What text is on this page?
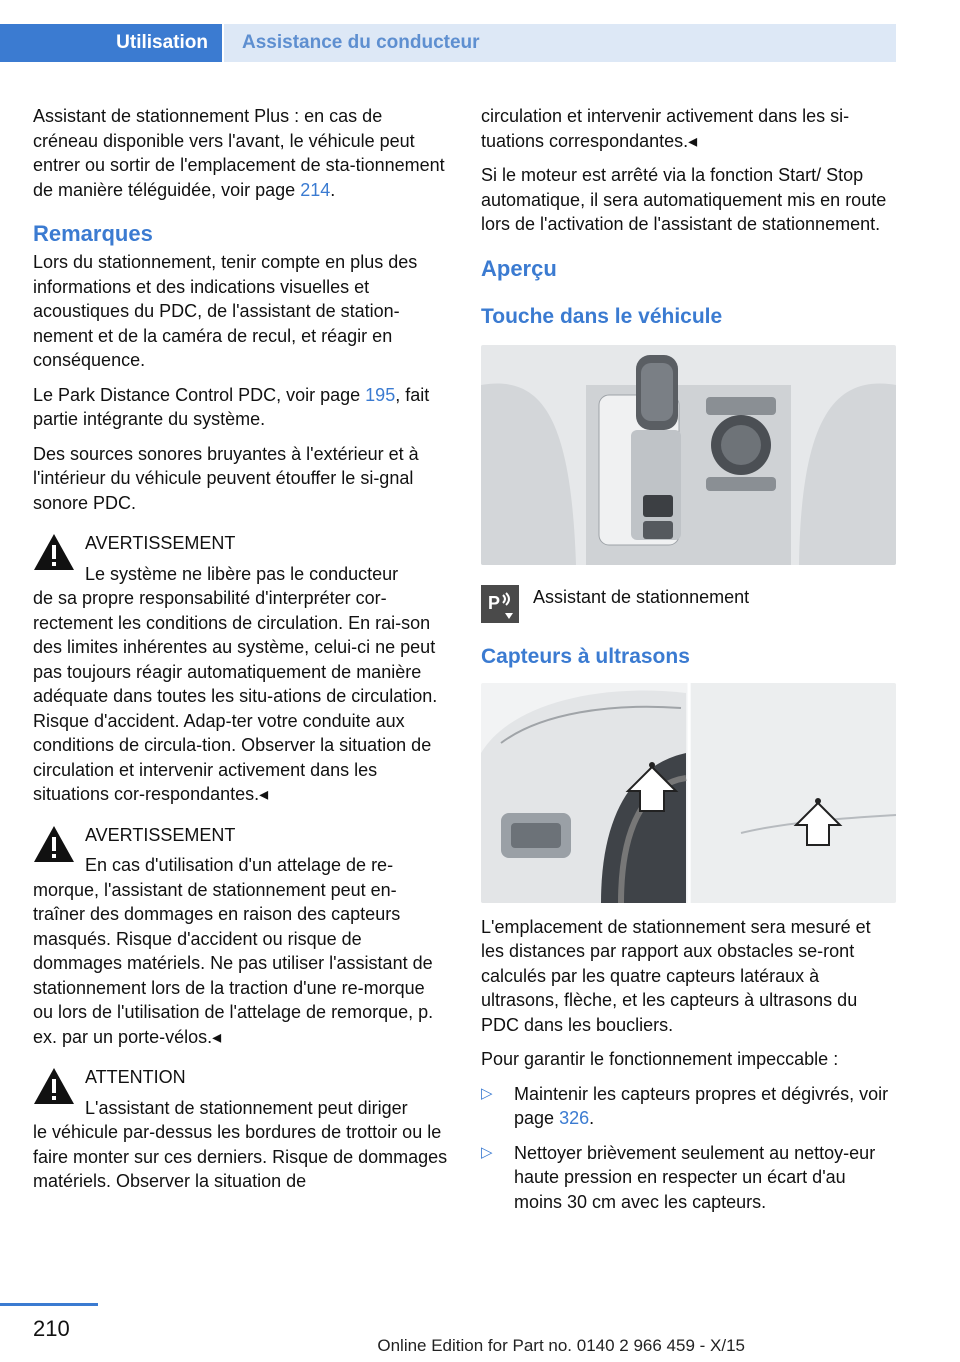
Utilisation Assistance du conducteur

Assistant de stationnement Plus : en cas de créneau disponible vers l'avant, le véhicule peut entrer ou sortir de l'emplacement de sta-tionnement de manière téléguidée, voir page 214.

Remarques

Lors du stationnement, tenir compte en plus des informations et des indications visuelles et acoustiques du PDC, de l'assistant de station-nement et de la caméra de recul, et réagir en conséquence.

Le Park Distance Control PDC, voir page 195, fait partie intégrante du système.

Des sources sonores bruyantes à l'extérieur et à l'intérieur du véhicule peuvent étouffer le si-gnal sonore PDC.

AVERTISSEMENT

Le système ne libère pas le conducteur
de sa propre responsabilité d'interpréter cor-rectement les conditions de circulation. En rai-son des limites inhérentes au système, celui-ci ne peut pas toujours réagir automatiquement de manière adéquate dans toutes les situ-ations de circulation. Risque d'accident. Adap-ter votre conduite aux conditions de circula-tion. Observer la situation de circulation et intervenir activement dans les situations cor-respondantes.◂

AVERTISSEMENT

En cas d'utilisation d'un attelage de re-
morque, l'assistant de stationnement peut en-traîner des dommages en raison des capteurs masqués. Risque d'accident ou risque de dommages matériels. Ne pas utiliser l'assistant de stationnement lors de la traction d'une re-morque ou lors de l'utilisation de l'attelage de remorque, p. ex. par un porte-vélos.◂

ATTENTION

L'assistant de stationnement peut diriger
le véhicule par-dessus les bordures de trottoir ou le faire monter sur ces derniers. Risque de dommages matériels. Observer la situation de

circulation et intervenir activement dans les si-tuations correspondantes.◂

Si le moteur est arrêté via la fonction Start/ Stop automatique, il sera automatiquement mis en route lors de l'activation de l'assistant de stationnement.

Aperçu
Touche dans le véhicule
P Assistant de stationnement
Capteurs à ultrasons

L'emplacement de stationnement sera mesuré et les distances par rapport aux obstacles se-ront calculés par les quatre capteurs latéraux à ultrasons, flèche, et les capteurs à ultrasons du PDC dans les boucliers.

Pour garantir le fonctionnement impeccable :

▷ Maintenir les capteurs propres et dégivrés, voir page 326.
▷ Nettoyer brièvement seulement au nettoy-eur haute pression en respecter un écart d'au moins 30 cm avec les capteurs.
210
Online Edition for Part no. 0140 2 966 459 - X/15
